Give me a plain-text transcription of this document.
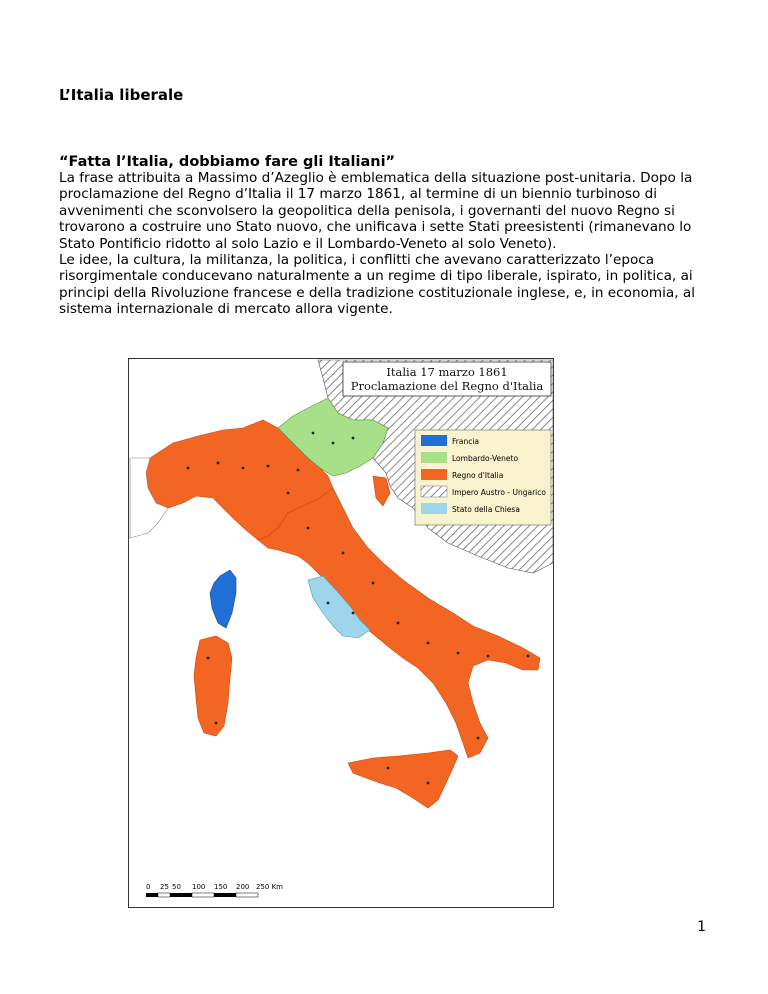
L’Italia liberale
“Fatta l’Italia, dobbiamo fare gli Italiani”

La frase attribuita a Massimo d’Azeglio è emblematica della situazione post-unitaria. Dopo la proclamazione del Regno d’Italia il 17 marzo 1861, al termine di un biennio turbinoso di avvenimenti che sconvolsero la geopolitica della penisola, i governanti del nuovo Regno si trovarono a costruire uno Stato nuovo, che unificava i sette Stati preesistenti (rimanevano lo Stato Pontificio ridotto al solo Lazio e il Lombardo-Veneto al solo Veneto).

Le idee, la cultura, la militanza, la politica, i conflitti che avevano caratterizzato l’epoca risorgimentale conducevano naturalmente a un regime di tipo liberale, ispirato, in politica, ai principi della Rivoluzione francese e della tradizione costituzionale inglese, e, in economia, al sistema internazionale di mercato allora vigente.

Italia 17 marzo 1861
Proclamazione del Regno d'Italia
Francia
Lombardo-Veneto
Regno d'Italia
Impero Austro - Ungarico
Stato della Chiesa
0 25 50 100 150 200 250 Km
1
